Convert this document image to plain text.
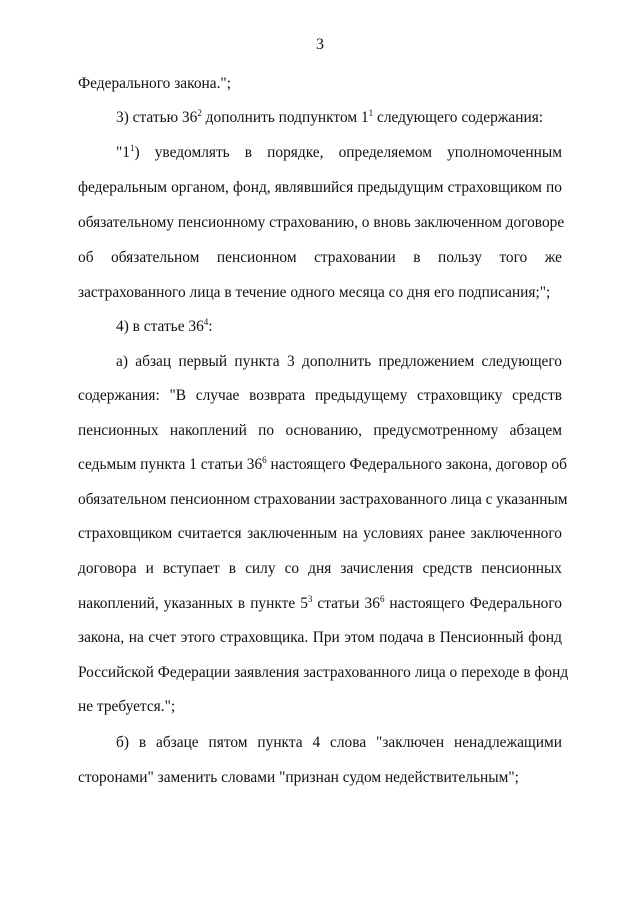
3
Федерального закона.";
3) статью $36^2$ дополнить подпунктом $1^1$ следующего содержания:
"$1^1$) уведомлять в порядке, определяемом уполномоченным
федеральным органом, фонд, являвшийся предыдущим страховщиком по
обязательному пенсионному страхованию, о вновь заключенном договоре
об обязательном пенсионном страховании в пользу того же
застрахованного лица в течение одного месяца со дня его подписания;";
4) в статье $36^4$:
а) абзац первый пункта 3 дополнить предложением следующего
содержания: "В случае возврата предыдущему страховщику средств
пенсионных накоплений по основанию, предусмотренному абзацем
седьмым пункта 1 статьи $36^6$ настоящего Федерального закона, договор об
обязательном пенсионном страховании застрахованного лица с указанным
страховщиком считается заключенным на условиях ранее заключенного
договора и вступает в силу со дня зачисления средств пенсионных
накоплений, указанных в пункте $5^3$ статьи $36^6$ настоящего Федерального
закона, на счет этого страховщика. При этом подача в Пенсионный фонд
Российской Федерации заявления застрахованного лица о переходе в фонд
не требуется.";
б) в абзаце пятом пункта 4 слова "заключен ненадлежащими
сторонами" заменить словами "признан судом недействительным";
